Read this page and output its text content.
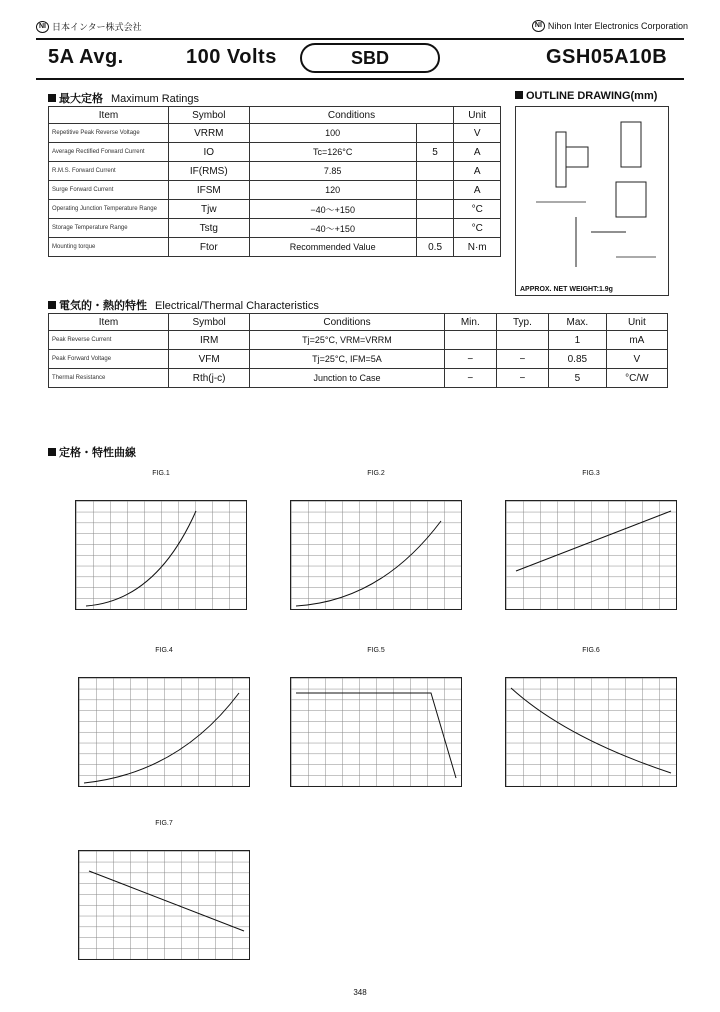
NI 日本インター株式会社	NI Nihon Inter Electronics Corporation
5A Avg.	100 Volts	SBD	GSH05A10B
最大定格 Maximum Ratings
Item	Symbol	Conditions		Unit
Repetitive Peak Reverse Voltage	VRRM	100		V
Average Rectified Forward Current	IO	Tc=126°C	5	A
R.M.S. Forward Current	IF(RMS)	7.85		A
Surge Forward Current	IFSM	120		A
Operating Junction Temperature Range	Tjw	−40～+150		°C
Storage Temperature Range	Tstg	−40～+150		°C
Mounting torque	Ftor	Recommended Value	0.5	N·m
OUTLINE DRAWING(mm)
APPROX. NET WEIGHT:1.9g
電気的・熱的特性 Electrical/Thermal Characteristics
Item	Symbol	Conditions	Min.	Typ.	Max.	Unit
Peak Reverse Current	IRM	Tj=25°C, VRM=VRRM			1	mA
Peak Forward Voltage	VFM	Tj=25°C, IFM=5A	−	−	0.85	V
Thermal Resistance	Rth(j-c)	Junction to Case	−	−	5	°C/W
定格・特性曲線
FIG.1	FIG.2	FIG.3
FIG.4	FIG.5	FIG.6
FIG.7
348
